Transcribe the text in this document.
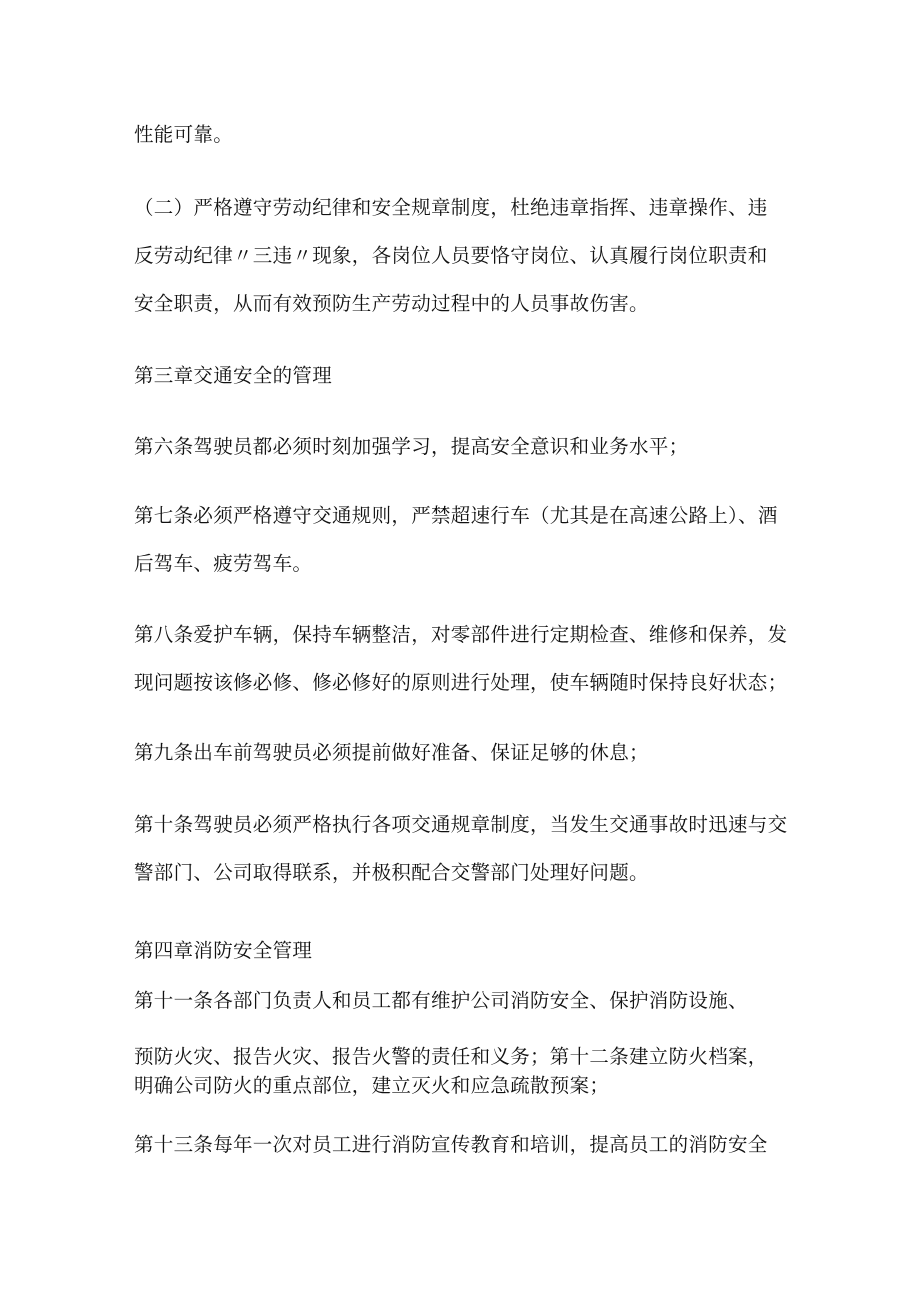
性能可靠。
（二）严格遵守劳动纪律和安全规章制度，杜绝违章指挥、违章操作、违
反劳动纪律〃三违〃现象，各岗位人员要恪守岗位、认真履行岗位职责和
安全职责，从而有效预防生产劳动过程中的人员事故伤害。
第三章交通安全的管理
第六条驾驶员都必须时刻加强学习，提高安全意识和业务水平；
第七条必须严格遵守交通规则，严禁超速行车（尤其是在高速公路上）、酒
后驾车、疲劳驾车。
第八条爱护车辆，保持车辆整洁，对零部件进行定期检查、维修和保养，发
现问题按该修必修、修必修好的原则进行处理，使车辆随时保持良好状态；
第九条出车前驾驶员必须提前做好准备、保证足够的休息；
第十条驾驶员必须严格执行各项交通规章制度，当发生交通事故时迅速与交
警部门、公司取得联系，并极积配合交警部门处理好问题。
第四章消防安全管理
第十一条各部门负责人和员工都有维护公司消防安全、保护消防设施、
预防火灾、报告火灾、报告火警的责任和义务；第十二条建立防火档案，
明确公司防火的重点部位，建立灭火和应急疏散预案；
第十三条每年一次对员工进行消防宣传教育和培训，提高员工的消防安全
